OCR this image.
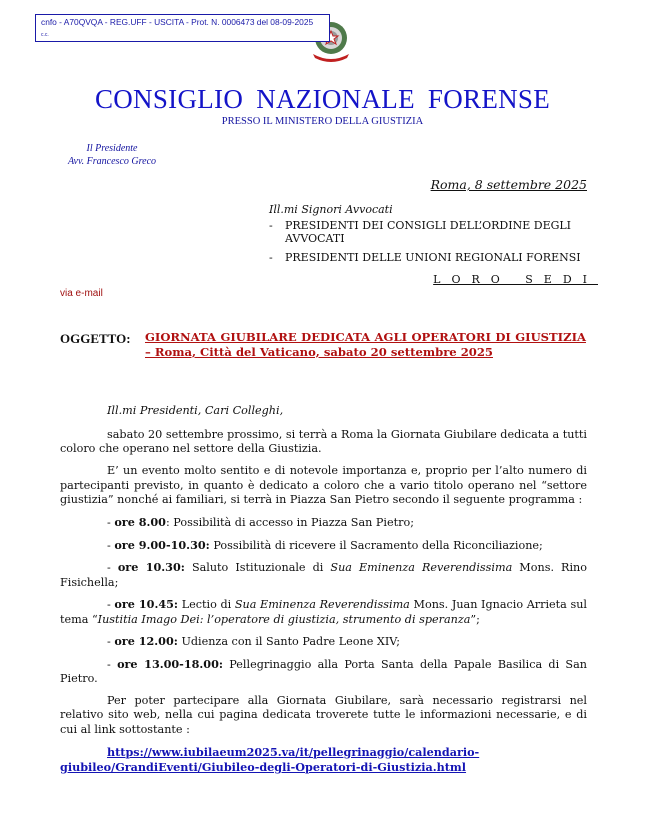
cnfo - A70QVQA - REG.UFF - USCITA - Prot. N. 0006473 del 08-09-2025
c.c.
CONSIGLIO NAZIONALE FORENSE
PRESSO IL MINISTERO DELLA GIUSTIZIA
Il Presidente
Avv. Francesco Greco
Roma, 8 settembre 2025
Ill.mi Signori Avvocati
- PRESIDENTI DEI CONSIGLI DELL’ORDINE DEGLI AVVOCATI
- PRESIDENTI DELLE UNIONI REGIONALI FORENSI
LORO SEDI
via e-mail
OGGETTO: GIORNATA GIUBILARE DEDICATA AGLI OPERATORI DI GIUSTIZIA – Roma, Città del Vaticano, sabato 20 settembre 2025

Ill.mi Presidenti, Cari Colleghi,

sabato 20 settembre prossimo, si terrà a Roma la Giornata Giubilare dedicata a tutti coloro che operano nel settore della Giustizia.

E’ un evento molto sentito e di notevole importanza e, proprio per l’alto numero di partecipanti previsto, in quanto è dedicato a coloro che a vario titolo operano nel “settore giustizia” nonché ai familiari, si terrà in Piazza San Pietro secondo il seguente programma :

- ore 8.00: Possibilità di accesso in Piazza San Pietro;

- ore 9.00-10.30: Possibilità di ricevere il Sacramento della Riconciliazione;

- ore 10.30: Saluto Istituzionale di Sua Eminenza Reverendissima Mons. Rino Fisichella;

- ore 10.45: Lectio di Sua Eminenza Reverendissima Mons. Juan Ignacio Arrieta sul tema “Iustitia Imago Dei: l’operatore di giustizia, strumento di speranza”;

- ore 12.00: Udienza con il Santo Padre Leone XIV;

- ore 13.00-18.00: Pellegrinaggio alla Porta Santa della Papale Basilica di San Pietro.

Per poter partecipare alla Giornata Giubilare, sarà necessario registrarsi nel relativo sito web, nella cui pagina dedicata troverete tutte le informazioni necessarie, e di cui al link sottostante :

https://www.iubilaeum2025.va/it/pellegrinaggio/calendario-giubileo/GrandiEventi/Giubileo-degli-Operatori-di-Giustizia.html
